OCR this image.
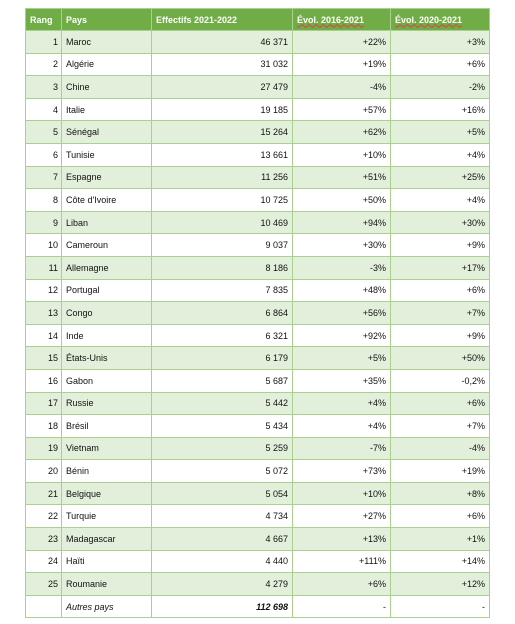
Rang	Pays	Effectifs 2021-2022	Évol. 2016-2021	Évol. 2020-2021
1	Maroc	46 371	+22%	+3%
2	Algérie	31 032	+19%	+6%
3	Chine	27 479	-4%	-2%
4	Italie	19 185	+57%	+16%
5	Sénégal	15 264	+62%	+5%
6	Tunisie	13 661	+10%	+4%
7	Espagne	11 256	+51%	+25%
8	Côte d'Ivoire	10 725	+50%	+4%
9	Liban	10 469	+94%	+30%
10	Cameroun	9 037	+30%	+9%
11	Allemagne	8 186	-3%	+17%
12	Portugal	7 835	+48%	+6%
13	Congo	6 864	+56%	+7%
14	Inde	6 321	+92%	+9%
15	États-Unis	6 179	+5%	+50%
16	Gabon	5 687	+35%	-0,2%
17	Russie	5 442	+4%	+6%
18	Brésil	5 434	+4%	+7%
19	Vietnam	5 259	-7%	-4%
20	Bénin	5 072	+73%	+19%
21	Belgique	5 054	+10%	+8%
22	Turquie	4 734	+27%	+6%
23	Madagascar	4 667	+13%	+1%
24	Haïti	4 440	+111%	+14%
25	Roumanie	4 279	+6%	+12%
	Autres pays	112 698	-	-
